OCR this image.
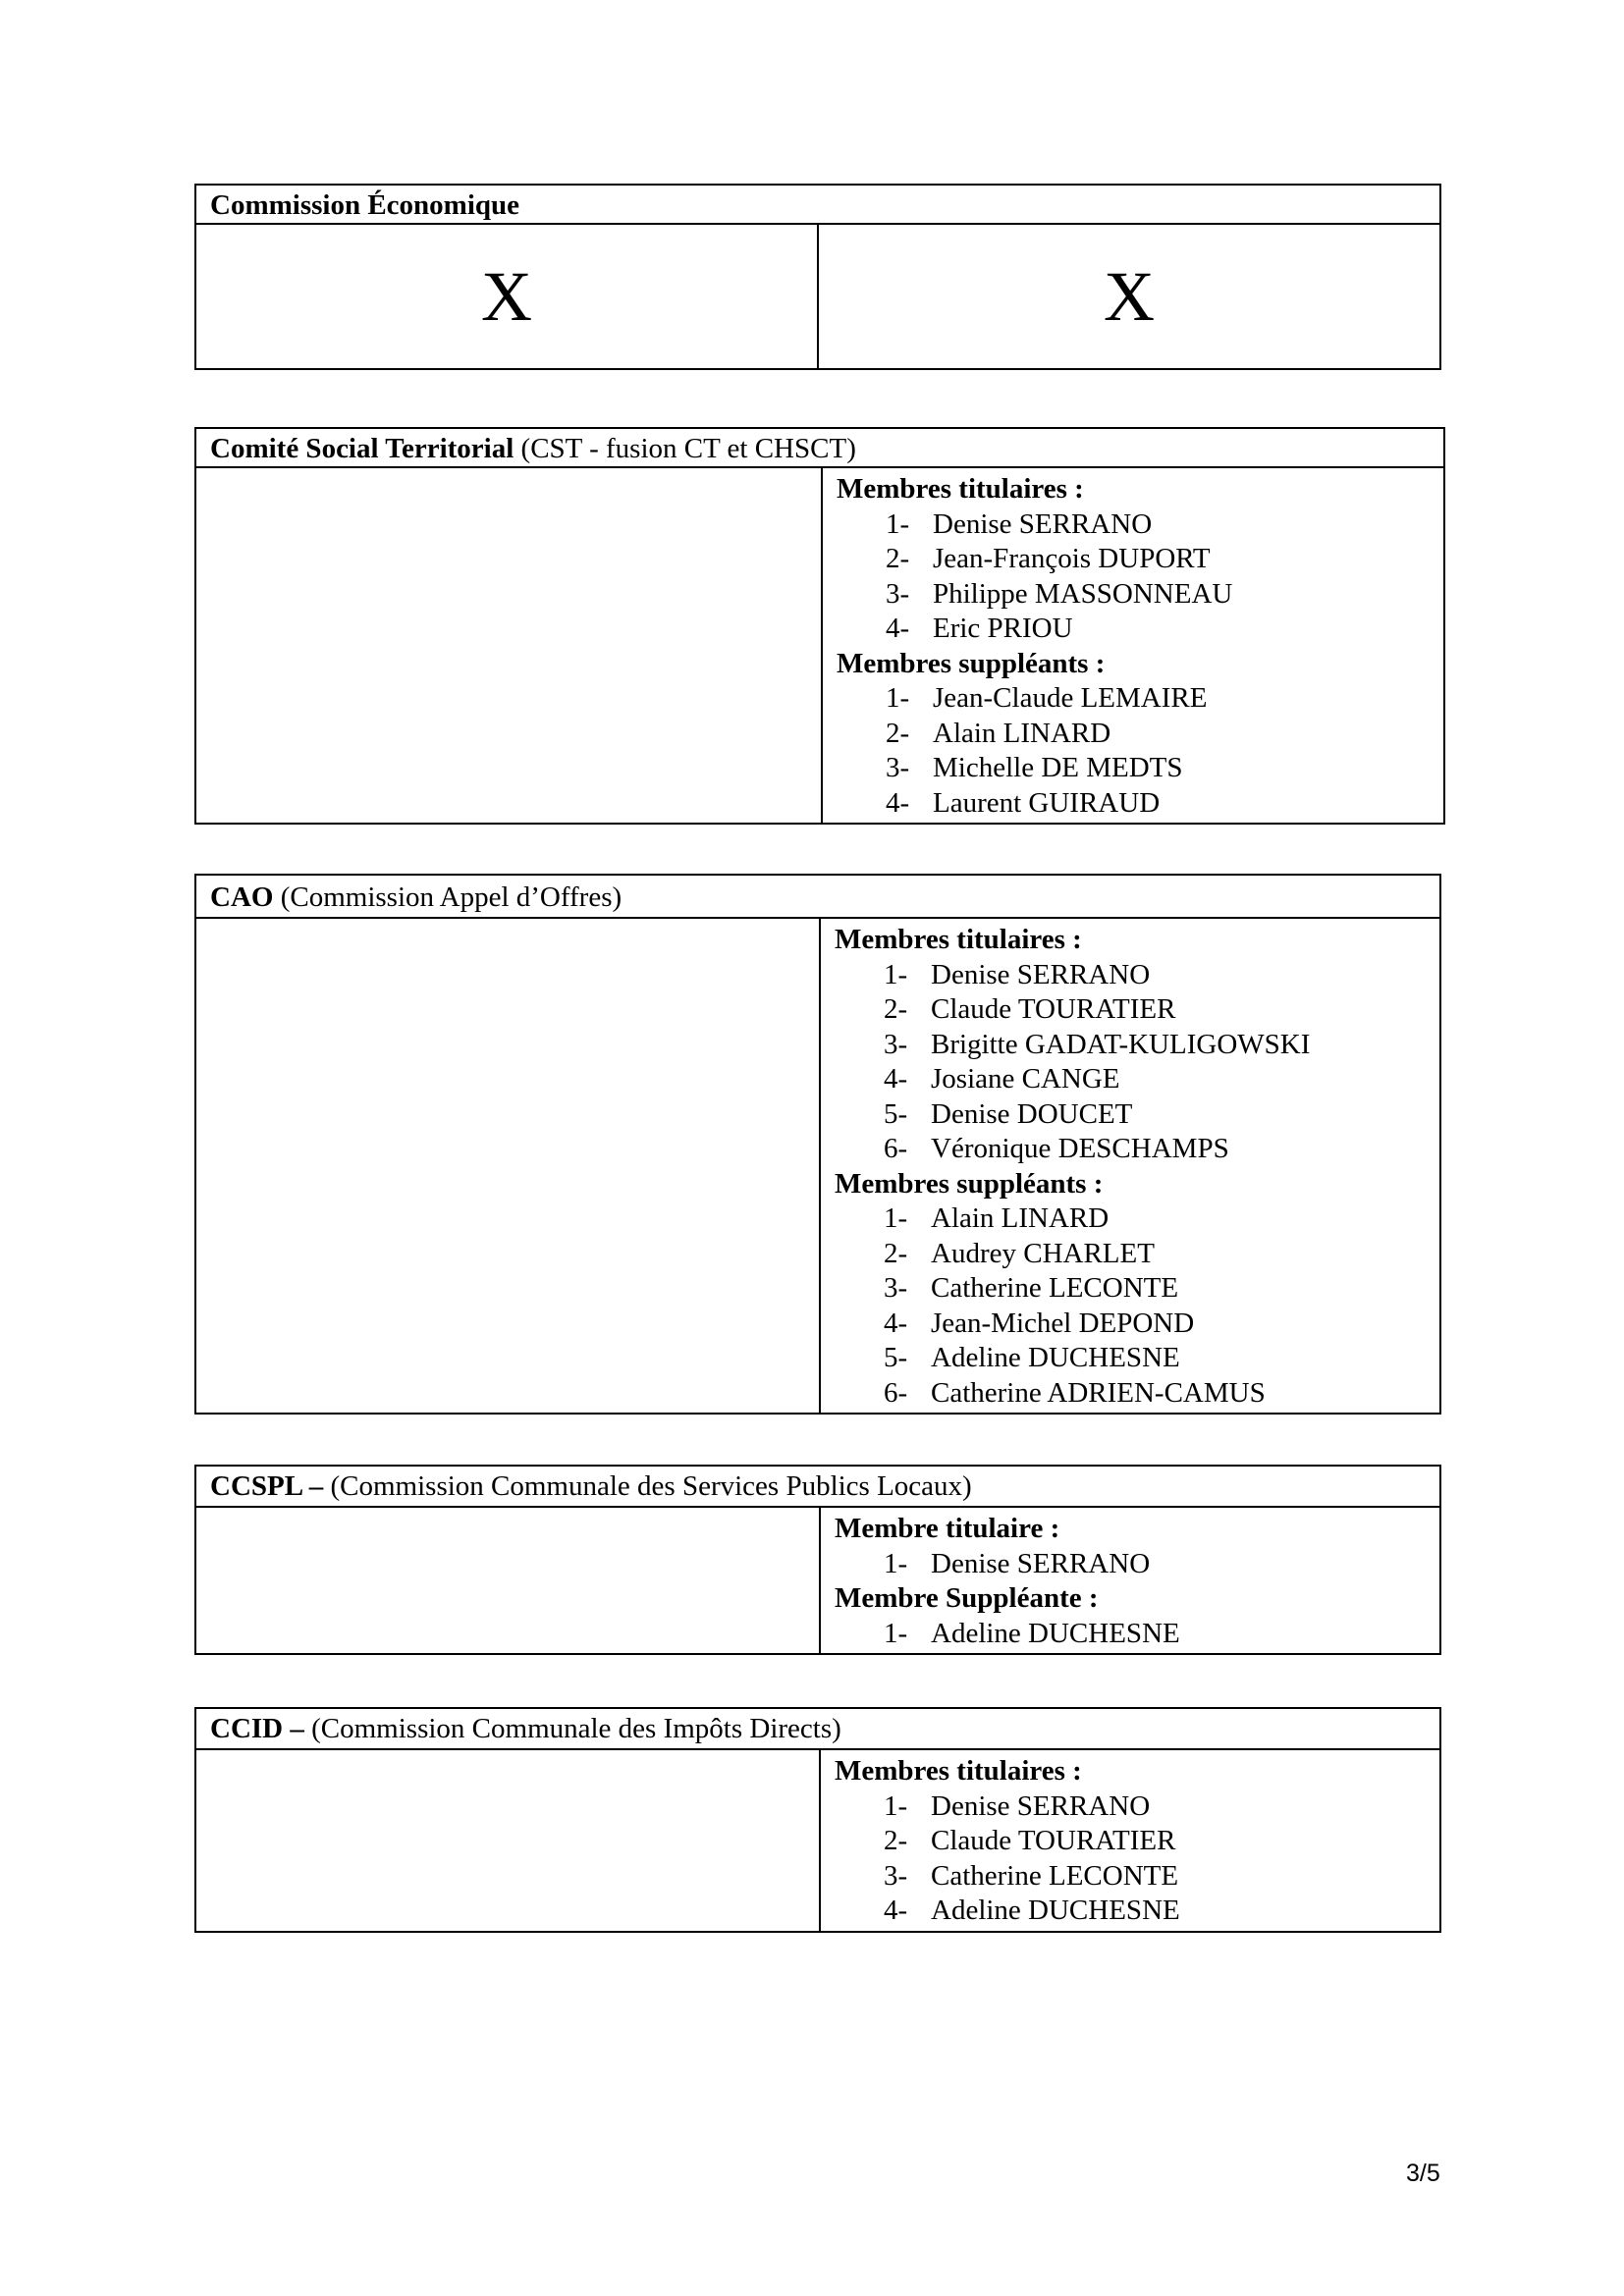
Commission Économique
X	X
Comité Social Territorial (CST - fusion CT et CHSCT)

Membres titulaires :
1- Denise SERRANO
2- Jean-François DUPORT
3- Philippe MASSONNEAU
4- Eric PRIOU
Membres suppléants :
1- Jean-Claude LEMAIRE
2- Alain LINARD
3- Michelle DE MEDTS
4- Laurent GUIRAUD
CAO (Commission Appel d’Offres)

Membres titulaires :
1- Denise SERRANO
2- Claude TOURATIER
3- Brigitte GADAT-KULIGOWSKI
4- Josiane CANGE
5- Denise DOUCET
6- Véronique DESCHAMPS
Membres suppléants :
1- Alain LINARD
2- Audrey CHARLET
3- Catherine LECONTE
4- Jean-Michel DEPOND
5- Adeline DUCHESNE
6- Catherine ADRIEN-CAMUS
CCSPL – (Commission Communale des Services Publics Locaux)

Membre titulaire :
1- Denise SERRANO
Membre Suppléante :
1- Adeline DUCHESNE
CCID – (Commission Communale des Impôts Directs)

Membres titulaires :
1- Denise SERRANO
2- Claude TOURATIER
3- Catherine LECONTE
4- Adeline DUCHESNE
3/5
